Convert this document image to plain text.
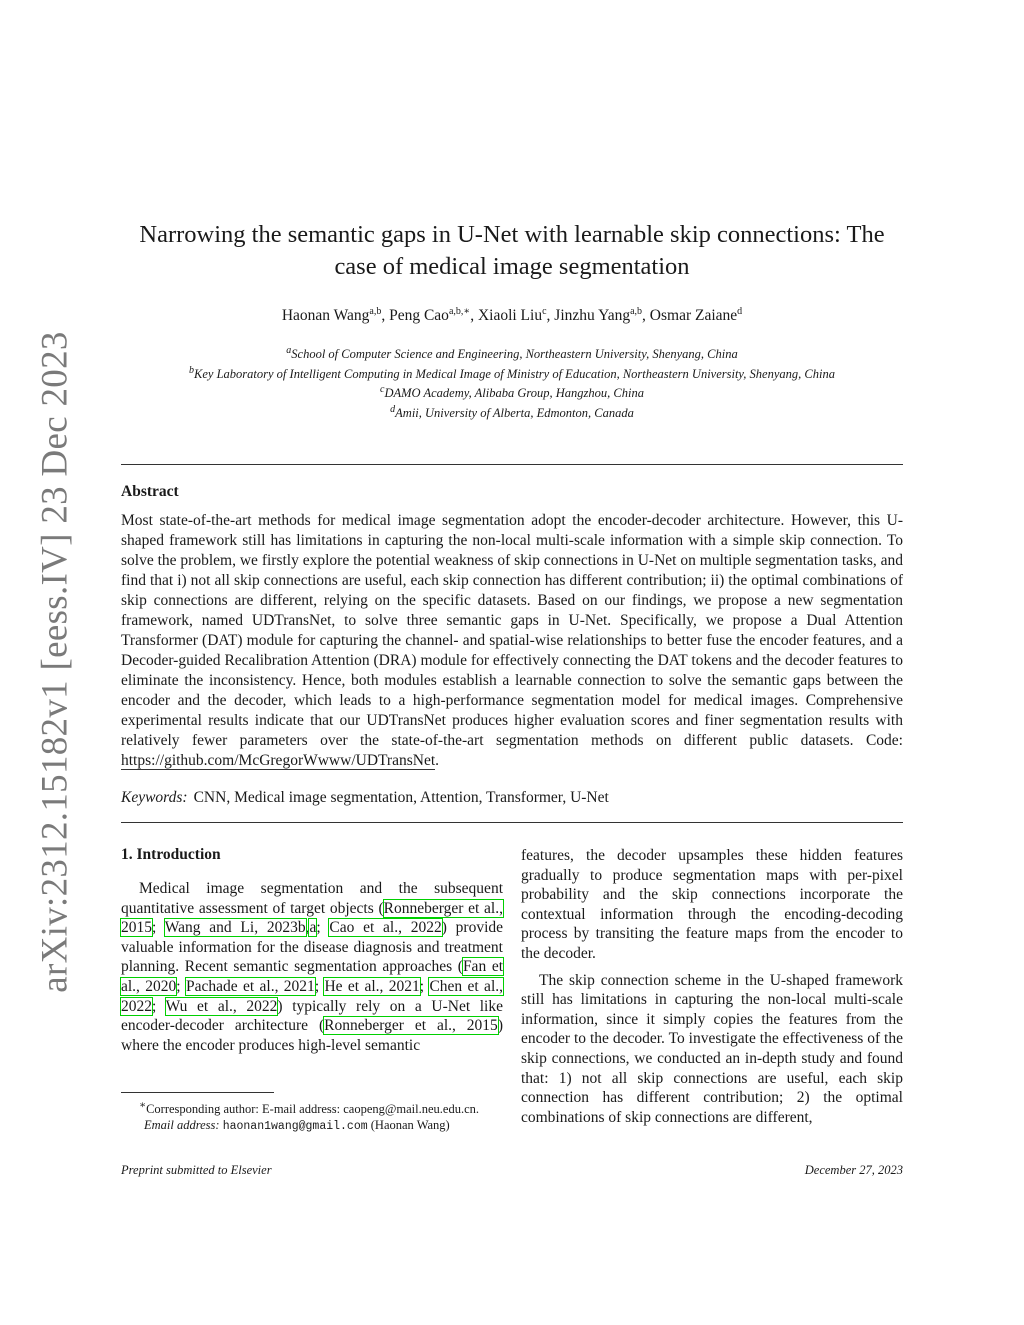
arXiv:2312.15182v1 [eess.IV] 23 Dec 2023
Narrowing the semantic gaps in U-Net with learnable skip connections: The case of medical image segmentation
Haonan Wang$^{a,b}$, Peng Cao$^{a,b,∗}$, Xiaoli Liu$^c$, Jinzhu Yang$^{a,b}$, Osmar Zaiane$^d$
$^a$School of Computer Science and Engineering, Northeastern University, Shenyang, China
$^b$Key Laboratory of Intelligent Computing in Medical Image of Ministry of Education, Northeastern University, Shenyang, China
$^c$DAMO Academy, Alibaba Group, Hangzhou, China
$^d$Amii, University of Alberta, Edmonton, Canada
Abstract
Most state-of-the-art methods for medical image segmentation adopt the encoder-decoder architecture. However, this U-shaped framework still has limitations in capturing the non-local multi-scale information with a simple skip connection. To solve the problem, we firstly explore the potential weakness of skip connections in U-Net on multiple segmentation tasks, and find that i) not all skip connections are useful, each skip connection has different contribution; ii) the optimal combinations of skip connections are different, relying on the specific datasets. Based on our findings, we propose a new segmentation framework, named UDTransNet, to solve three semantic gaps in U-Net. Specifically, we propose a Dual Attention Transformer (DAT) module for capturing the channel- and spatial-wise relationships to better fuse the encoder features, and a Decoder-guided Recalibration Attention (DRA) module for effectively connecting the DAT tokens and the decoder features to eliminate the inconsistency. Hence, both modules establish a learnable connection to solve the semantic gaps between the encoder and the decoder, which leads to a high-performance segmentation model for medical images. Comprehensive experimental results indicate that our UDTransNet produces higher evaluation scores and finer segmentation results with relatively fewer parameters over the state-of-the-art segmentation methods on different public datasets. Code: https://github.com/McGregorWwww/UDTransNet.
Keywords: CNN, Medical image segmentation, Attention, Transformer, U-Net
1. Introduction

Medical image segmentation and the subsequent quantitative assessment of target objects (Ronneberger et al., 2015; Wang and Li, 2023b,a; Cao et al., 2022) provide valuable information for the disease diagnosis and treatment planning. Recent semantic segmentation approaches (Fan et al., 2020; Pachade et al., 2021; He et al., 2021; Chen et al., 2022; Wu et al., 2022) typically rely on a U-Net like encoder-decoder architecture (Ronneberger et al., 2015) where the encoder produces high-level semantic

features, the decoder upsamples these hidden features gradually to produce segmentation maps with per-pixel probability and the skip connections incorporate the contextual information through the encoding-decoding process by transiting the feature maps from the encoder to the decoder.

The skip connection scheme in the U-shaped framework still has limitations in capturing the non-local multi-scale information, since it simply copies the features from the encoder to the decoder. To investigate the effectiveness of the skip connections, we conducted an in-depth study and found that: 1) not all skip connections are useful, each skip connection has different contribution; 2) the optimal combinations of skip connections are different,

∗Corresponding author: E-mail address: caopeng@mail.neu.edu.cn.
Email address: haonan1wang@gmail.com (Haonan Wang)
Preprint submitted to Elsevier	December 27, 2023
